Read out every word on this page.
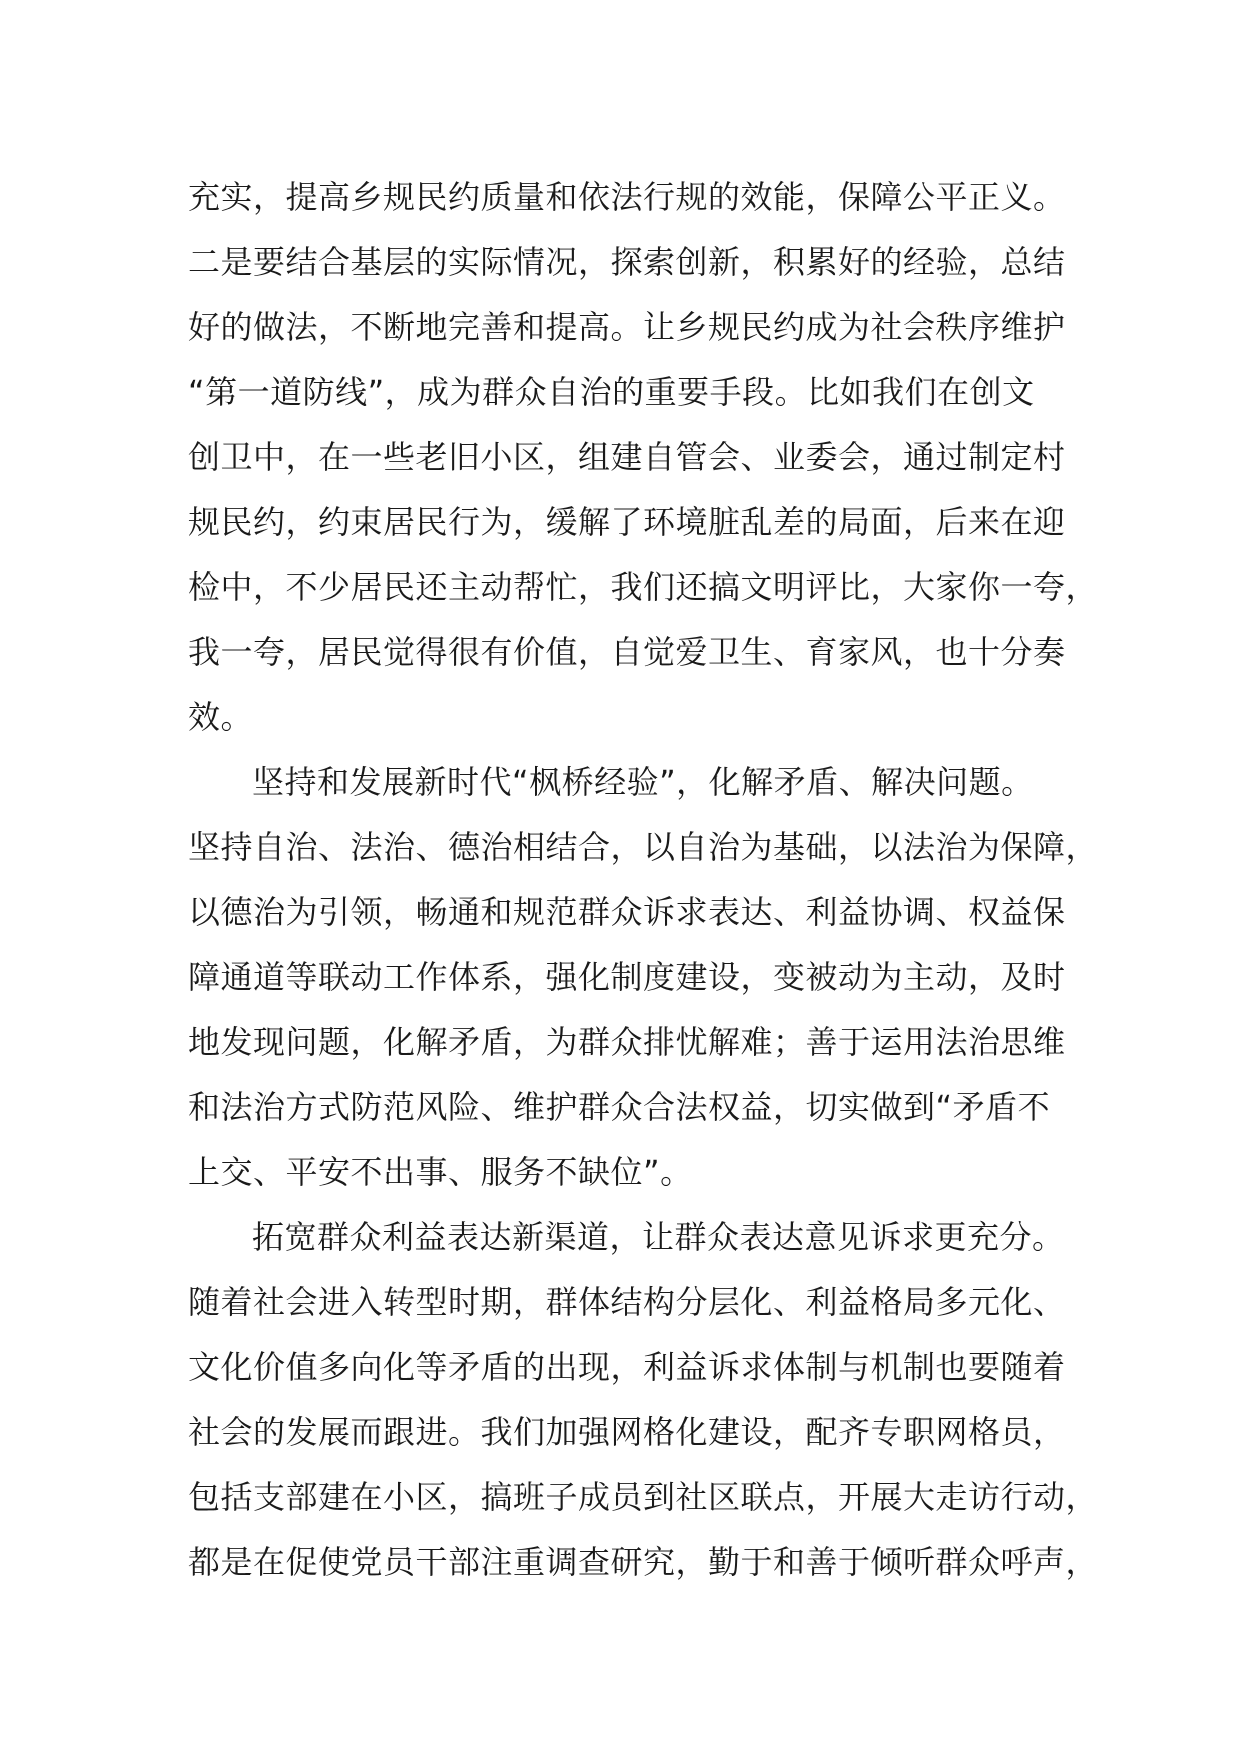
充实，提高乡规民约质量和依法行规的效能，保障公平正义。
二是要结合基层的实际情况，探索创新，积累好的经验，总结
好的做法，不断地完善和提高。让乡规民约成为社会秩序维护
“第一道防线”，成为群众自治的重要手段。比如我们在创文
创卫中，在一些老旧小区，组建自管会、业委会，通过制定村
规民约，约束居民行为，缓解了环境脏乱差的局面，后来在迎
检中，不少居民还主动帮忙，我们还搞文明评比，大家你一夸，
我一夸，居民觉得很有价值，自觉爱卫生、育家风，也十分奏
效。
坚持和发展新时代“枫桥经验”，化解矛盾、解决问题。
坚持自治、法治、德治相结合，以自治为基础，以法治为保障，
以德治为引领，畅通和规范群众诉求表达、利益协调、权益保
障通道等联动工作体系，强化制度建设，变被动为主动，及时
地发现问题，化解矛盾，为群众排忧解难；善于运用法治思维
和法治方式防范风险、维护群众合法权益，切实做到“矛盾不
上交、平安不出事、服务不缺位”。
拓宽群众利益表达新渠道，让群众表达意见诉求更充分。
随着社会进入转型时期，群体结构分层化、利益格局多元化、
文化价值多向化等矛盾的出现，利益诉求体制与机制也要随着
社会的发展而跟进。我们加强网格化建设，配齐专职网格员，
包括支部建在小区，搞班子成员到社区联点，开展大走访行动，
都是在促使党员干部注重调查研究，勤于和善于倾听群众呼声，
